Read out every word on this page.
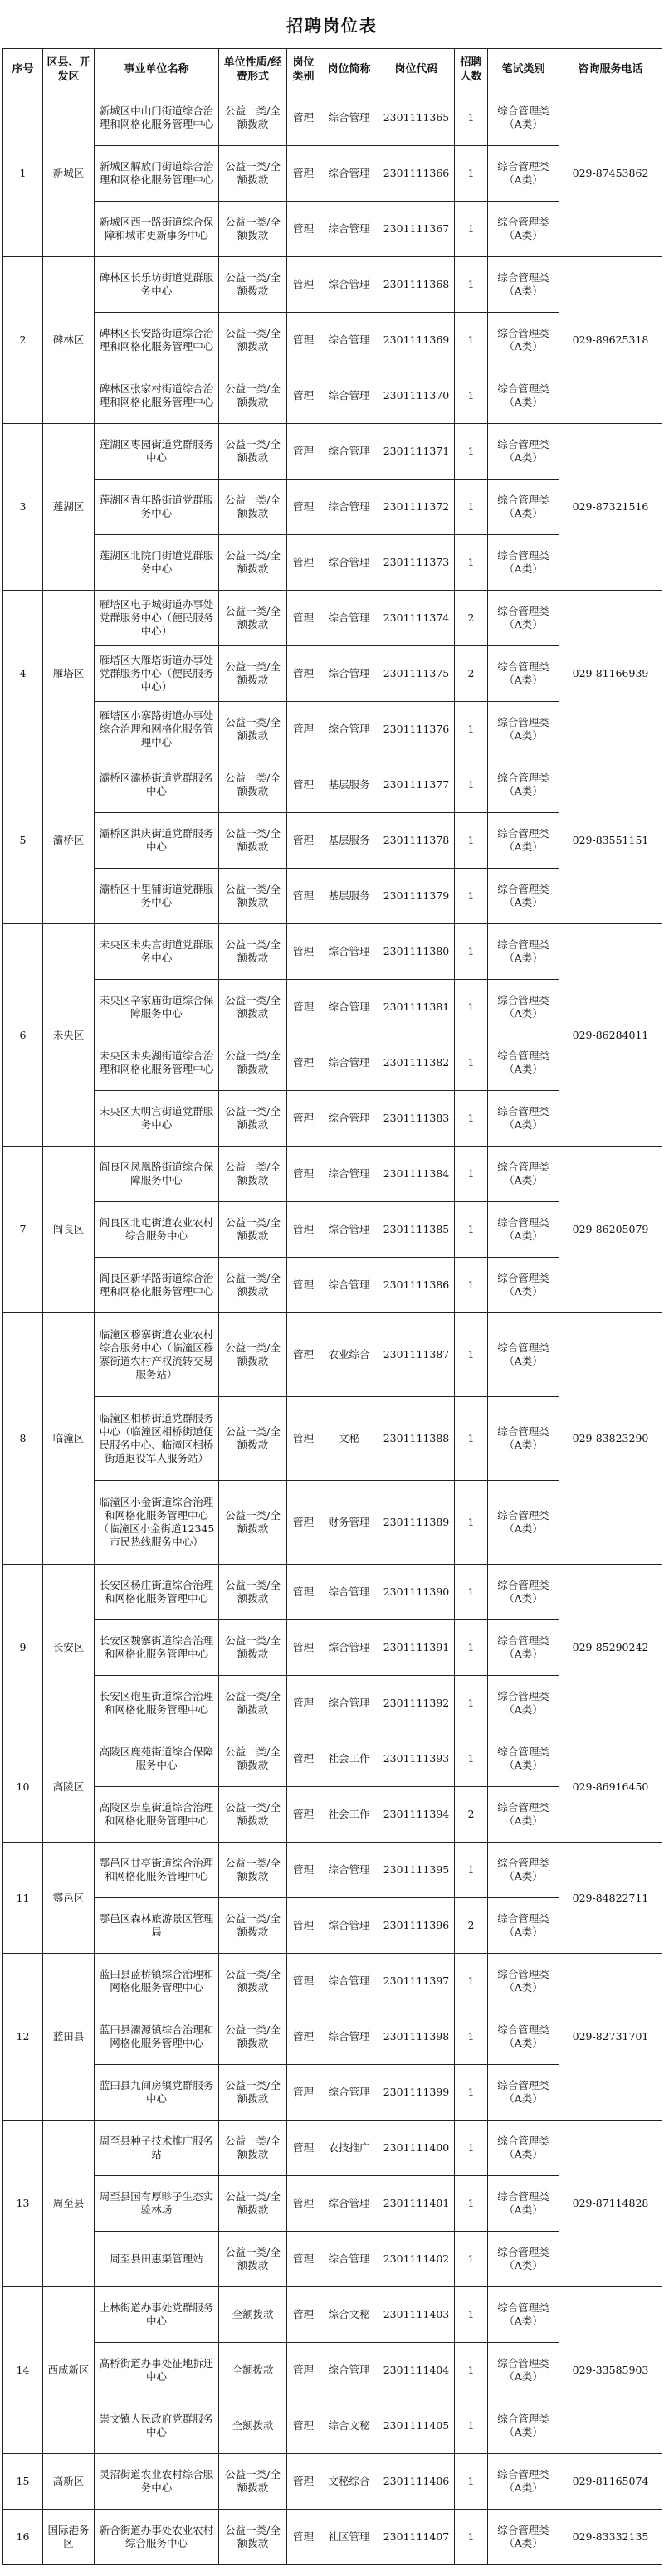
招聘岗位表
序号	区县、开发区	事业单位名称	单位性质/经费形式	岗位类别	岗位简称	岗位代码	招聘人数	笔试类别	咨询服务电话
1	新城区	新城区中山门街道综合治理和网格化服务管理中心	公益一类/全额拨款	管理	综合管理	2301111365	1	综合管理类（A类）	029-87453862
		新城区解放门街道综合治理和网格化服务管理中心	公益一类/全额拨款	管理	综合管理	2301111366	1	综合管理类（A类）	
		新城区西一路街道综合保障和城市更新事务中心	公益一类/全额拨款	管理	综合管理	2301111367	1	综合管理类（A类）	
2	碑林区	碑林区长乐坊街道党群服务中心	公益一类/全额拨款	管理	综合管理	2301111368	1	综合管理类（A类）	029-89625318
		碑林区长安路街道综合治理和网格化服务管理中心	公益一类/全额拨款	管理	综合管理	2301111369	1	综合管理类（A类）	
		碑林区张家村街道综合治理和网格化服务管理中心	公益一类/全额拨款	管理	综合管理	2301111370	1	综合管理类（A类）	
3	莲湖区	莲湖区枣园街道党群服务中心	公益一类/全额拨款	管理	综合管理	2301111371	1	综合管理类（A类）	029-87321516
		莲湖区青年路街道党群服务中心	公益一类/全额拨款	管理	综合管理	2301111372	1	综合管理类（A类）	
		莲湖区北院门街道党群服务中心	公益一类/全额拨款	管理	综合管理	2301111373	1	综合管理类（A类）	
4	雁塔区	雁塔区电子城街道办事处党群服务中心（便民服务中心）	公益一类/全额拨款	管理	综合管理	2301111374	2	综合管理类（A类）	029-81166939
		雁塔区大雁塔街道办事处党群服务中心（便民服务中心）	公益一类/全额拨款	管理	综合管理	2301111375	2	综合管理类（A类）	
		雁塔区小寨路街道办事处综合治理和网格化服务管理中心	公益一类/全额拨款	管理	综合管理	2301111376	1	综合管理类（A类）	
5	灞桥区	灞桥区灞桥街道党群服务中心	公益一类/全额拨款	管理	基层服务	2301111377	1	综合管理类（A类）	029-83551151
		灞桥区洪庆街道党群服务中心	公益一类/全额拨款	管理	基层服务	2301111378	1	综合管理类（A类）	
		灞桥区十里铺街道党群服务中心	公益一类/全额拨款	管理	基层服务	2301111379	1	综合管理类（A类）	
6	未央区	未央区未央宫街道党群服务中心	公益一类/全额拨款	管理	综合管理	2301111380	1	综合管理类（A类）	029-86284011
		未央区辛家庙街道综合保障服务中心	公益一类/全额拨款	管理	综合管理	2301111381	1	综合管理类（A类）	
		未央区未央湖街道综合治理和网格化服务管理中心	公益一类/全额拨款	管理	综合管理	2301111382	1	综合管理类（A类）	
		未央区大明宫街道党群服务中心	公益一类/全额拨款	管理	综合管理	2301111383	1	综合管理类（A类）	
7	阎良区	阎良区凤凰路街道综合保障服务中心	公益一类/全额拨款	管理	综合管理	2301111384	1	综合管理类（A类）	029-86205079
		阎良区北屯街道农业农村综合服务中心	公益一类/全额拨款	管理	综合管理	2301111385	1	综合管理类（A类）	
		阎良区新华路街道综合治理和网格化服务管理中心	公益一类/全额拨款	管理	综合管理	2301111386	1	综合管理类（A类）	
8	临潼区	临潼区穆寨街道农业农村综合服务中心（临潼区穆寨街道农村产权流转交易服务站）	公益一类/全额拨款	管理	农业综合	2301111387	1	综合管理类（A类）	029-83823290
		临潼区相桥街道党群服务中心（临潼区相桥街道便民服务中心、临潼区相桥街道退役军人服务站）	公益一类/全额拨款	管理	文秘	2301111388	1	综合管理类（A类）	
		临潼区小金街道综合治理和网格化服务管理中心（临潼区小金街道12345市民热线服务中心）	公益一类/全额拨款	管理	财务管理	2301111389	1	综合管理类（A类）	
9	长安区	长安区杨庄街道综合治理和网格化服务管理中心	公益一类/全额拨款	管理	综合管理	2301111390	1	综合管理类（A类）	029-85290242
		长安区魏寨街道综合治理和网格化服务管理中心	公益一类/全额拨款	管理	综合管理	2301111391	1	综合管理类（A类）	
		长安区砲里街道综合治理和网格化服务管理中心	公益一类/全额拨款	管理	综合管理	2301111392	1	综合管理类（A类）	
10	高陵区	高陵区鹿苑街道综合保障服务中心	公益一类/全额拨款	管理	社会工作	2301111393	1	综合管理类（A类）	029-86916450
		高陵区崇皇街道综合治理和网格化服务管理中心	公益一类/全额拨款	管理	社会工作	2301111394	2	综合管理类（A类）	
11	鄠邑区	鄠邑区甘亭街道综合治理和网格化服务管理中心	公益一类/全额拨款	管理	综合管理	2301111395	1	综合管理类（A类）	029-84822711
		鄠邑区森林旅游景区管理局	公益一类/全额拨款	管理	综合管理	2301111396	2	综合管理类（A类）	
12	蓝田县	蓝田县蓝桥镇综合治理和网格化服务管理中心	公益一类/全额拨款	管理	综合管理	2301111397	1	综合管理类（A类）	029-82731701
		蓝田县灞源镇综合治理和网格化服务管理中心	公益一类/全额拨款	管理	综合管理	2301111398	1	综合管理类（A类）	
		蓝田县九间房镇党群服务中心	公益一类/全额拨款	管理	综合管理	2301111399	1	综合管理类（A类）	
13	周至县	周至县种子技术推广服务站	公益一类/全额拨款	管理	农技推广	2301111400	1	综合管理类（A类）	029-87114828
		周至县国有厚畛子生态实验林场	公益一类/全额拨款	管理	综合管理	2301111401	1	综合管理类（A类）	
		周至县田惠渠管理站	公益一类/全额拨款	管理	综合管理	2301111402	1	综合管理类（A类）	
14	西咸新区	上林街道办事处党群服务中心	全额拨款	管理	综合文秘	2301111403	1	综合管理类（A类）	029-33585903
		高桥街道办事处征地拆迁中心	全额拨款	管理	综合管理	2301111404	1	综合管理类（A类）	
		崇文镇人民政府党群服务中心	全额拨款	管理	综合文秘	2301111405	1	综合管理类（A类）	
15	高新区	灵沼街道农业农村综合服务中心	公益一类/全额拨款	管理	文秘综合	2301111406	1	综合管理类（A类）	029-81165074
16	国际港务区	新合街道办事处农业农村综合服务中心	公益一类/全额拨款	管理	社区管理	2301111407	1	综合管理类（A类）	029-83332135
